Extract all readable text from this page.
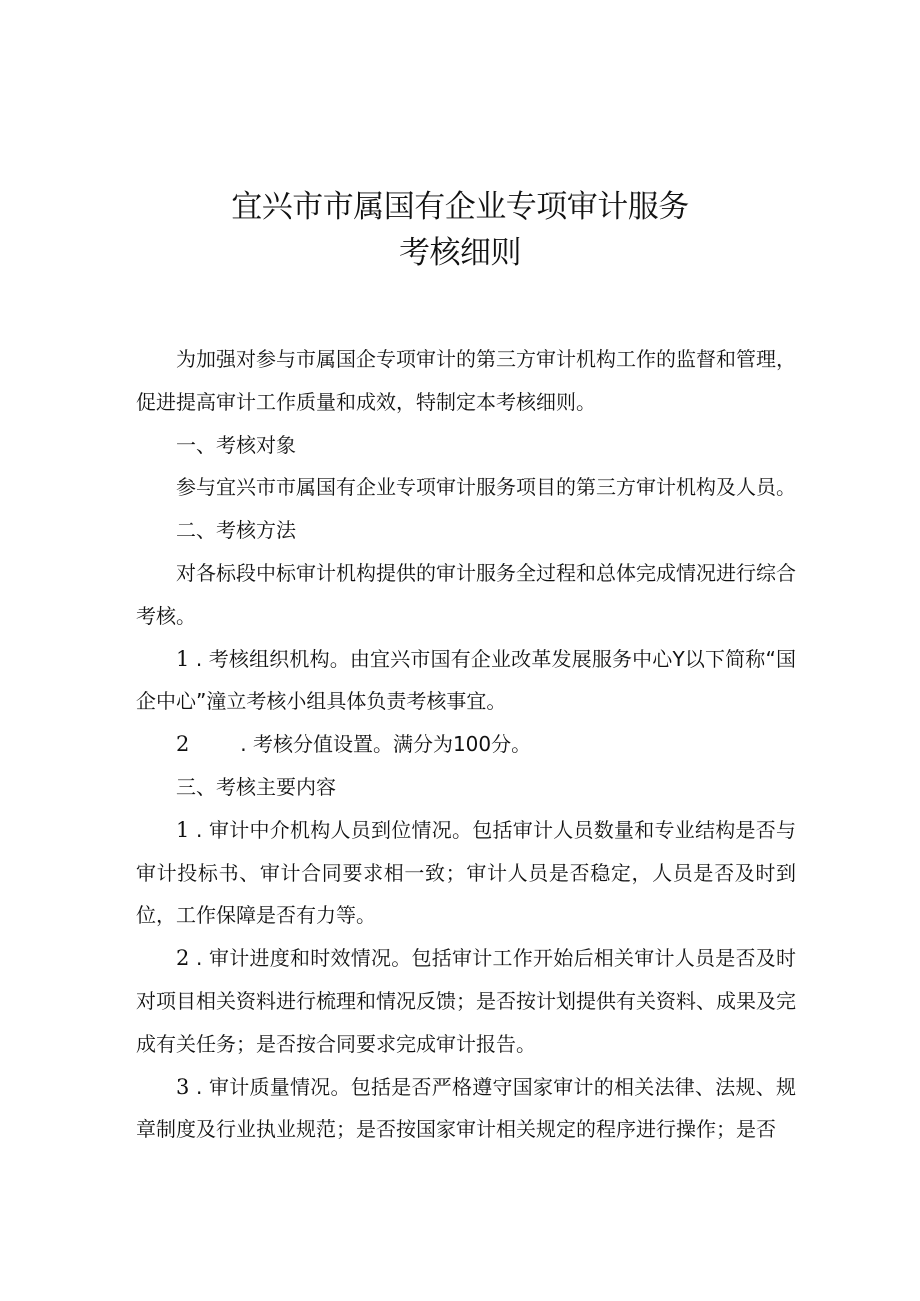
宜兴市市属国有企业专项审计服务
考核细则

为加强对参与市属国企专项审计的第三方审计机构工作的监督和管理，促进提高审计工作质量和成效，特制定本考核细则。

一、考核对象

参与宜兴市市属国有企业专项审计服务项目的第三方审计机构及人员。

二、考核方法

对各标段中标审计机构提供的审计服务全过程和总体完成情况进行综合考核。

1 . 考核组织机构。由宜兴市国有企业改革发展服务中心Y以下简称“国企中心”潼立考核小组具体负责考核事宜。

2        . 考核分值设置。满分为100分。

三、考核主要内容

1 . 审计中介机构人员到位情况。包括审计人员数量和专业结构是否与审计投标书、审计合同要求相一致；审计人员是否稳定，人员是否及时到位，工作保障是否有力等。

2 . 审计进度和时效情况。包括审计工作开始后相关审计人员是否及时对项目相关资料进行梳理和情况反馈；是否按计划提供有关资料、成果及完成有关任务；是否按合同要求完成审计报告。

3 . 审计质量情况。包括是否严格遵守国家审计的相关法律、法规、规章制度及行业执业规范；是否按国家审计相关规定的程序进行操作；是否
